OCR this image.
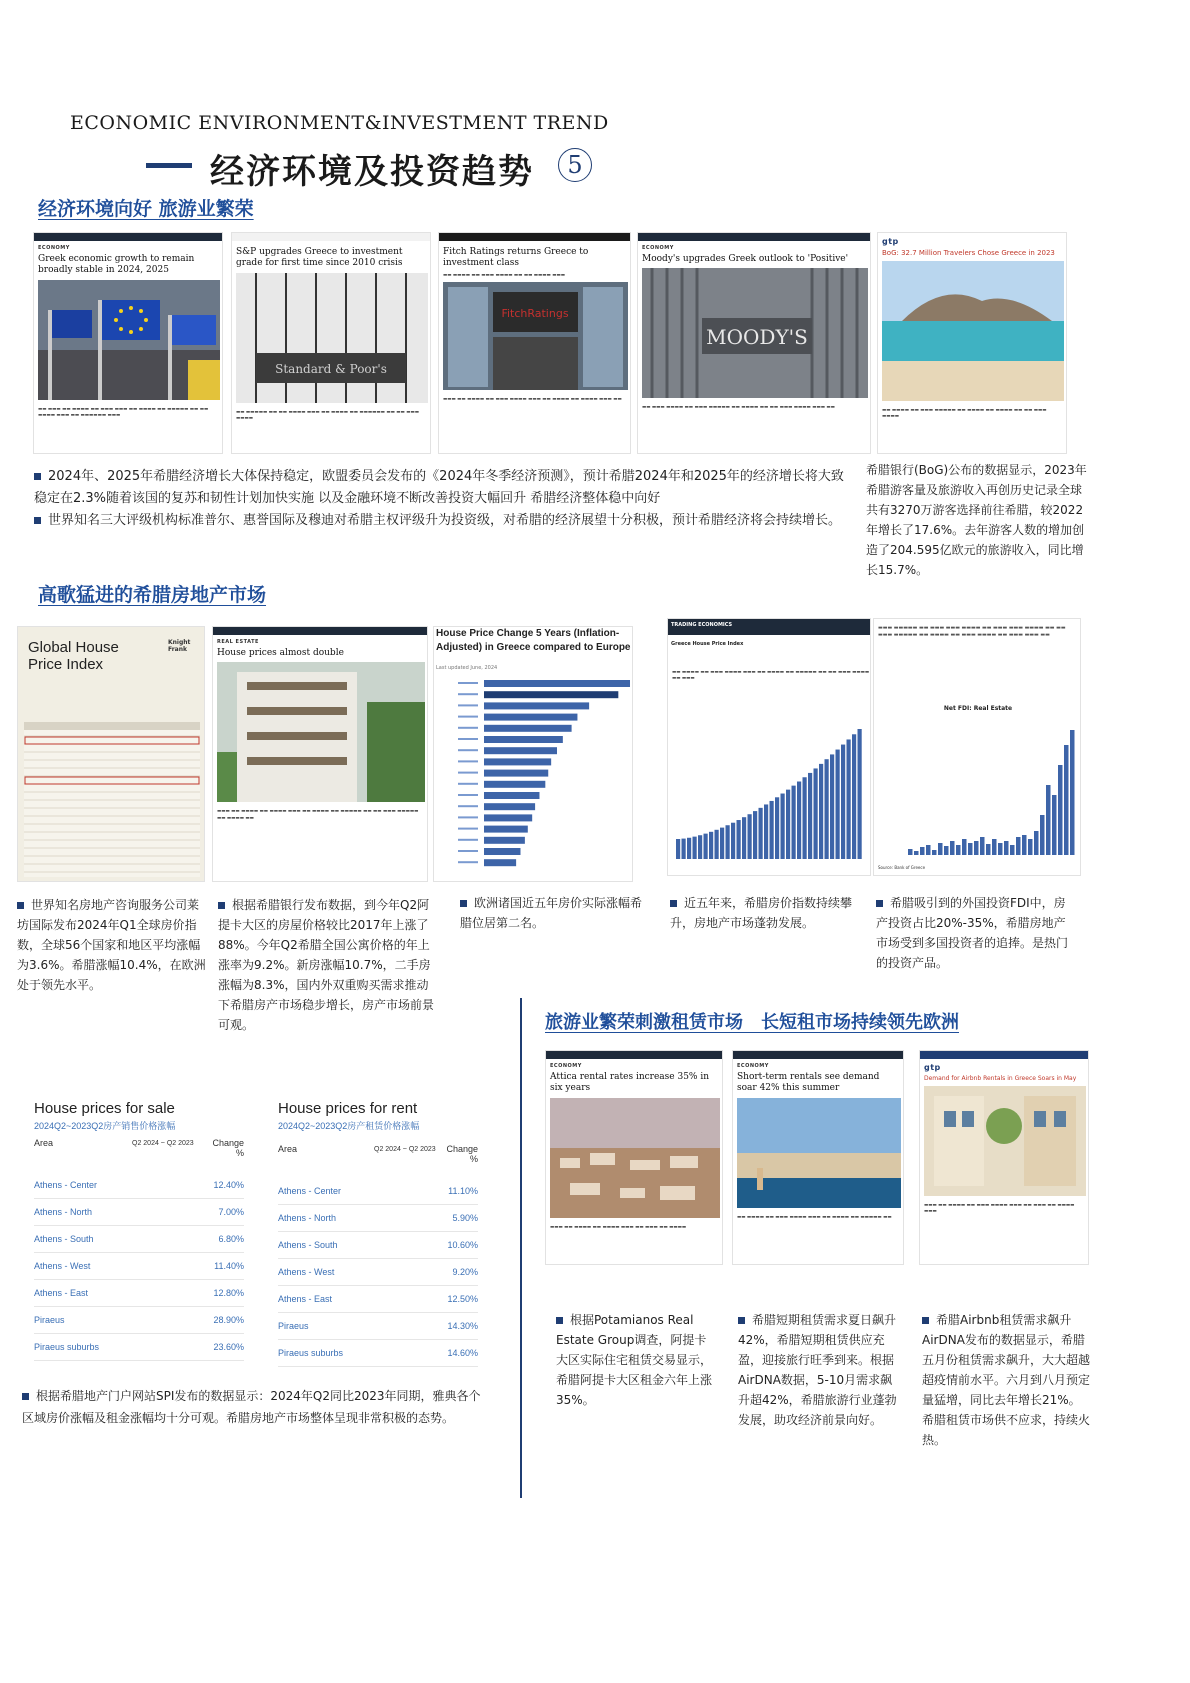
ECONOMIC ENVIRONMENT&INVESTMENT TREND
经济环境及投资趋势	5
经济环境向好 旅游业繁荣
ECONOMY
Greek economic growth to remain broadly stable in 2024, 2025
▬▬ ▬▬▬ ▬▬ ▬▬▬▬ ▬▬ ▬▬▬ ▬▬▬ ▬▬ ▬▬▬▬ ▬▬ ▬▬▬▬▬ ▬▬ ▬▬ ▬▬▬▬ ▬▬▬ ▬▬ ▬▬▬▬▬▬ ▬▬▬
S&P upgrades Greece to investment grade for first time since 2010 crisis
Standard & Poor's
▬▬ ▬▬▬▬▬ ▬▬ ▬▬ ▬▬▬▬ ▬▬▬ ▬▬ ▬▬▬▬ ▬▬ ▬▬▬▬▬▬ ▬▬ ▬▬ ▬▬▬ ▬▬▬▬
Fitch Ratings returns Greece to investment class
▬▬ ▬▬▬▬ ▬▬ ▬▬▬ ▬▬▬▬ ▬▬ ▬▬ ▬▬▬▬ ▬▬▬
FitchRatings
▬▬▬ ▬▬ ▬▬▬▬ ▬▬ ▬▬▬ ▬▬▬▬ ▬▬▬ ▬▬ ▬▬▬▬ ▬▬ ▬▬▬▬ ▬▬▬ ▬▬
ECONOMY
Moody's upgrades Greek outlook to 'Positive'
MOODY'S
▬▬ ▬▬▬ ▬▬▬▬ ▬▬ ▬▬▬ ▬▬▬▬▬ ▬▬ ▬▬▬▬ ▬▬ ▬▬ ▬▬▬ ▬▬▬▬ ▬▬▬ ▬▬
gtp
BoG: 32.7 Million Travelers Chose Greece in 2023
▬▬ ▬▬▬▬ ▬▬ ▬▬▬ ▬▬▬▬▬ ▬▬ ▬▬▬▬ ▬▬ ▬▬▬▬ ▬▬ ▬▬ ▬▬▬ ▬▬▬▬
2024年、2025年希腊经济增长大体保持稳定，欧盟委员会发布的《2024年冬季经济预测》，预计希腊2024年和2025年的经济增长将大致稳定在2.3%随着该国的复苏和韧性计划加快实施 以及金融环境不断改善投资大幅回升 希腊经济整体稳中向好
世界知名三大评级机构标准普尔、惠誉国际及穆迪对希腊主权评级升为投资级，对希腊的经济展望十分积极，预计希腊经济将会持续增长。
希腊银行(BoG)公布的数据显示，2023年希腊游客量及旅游收入再创历史记录全球共有3270万游客选择前往希腊，较2022年增长了17.6%。去年游客人数的增加创造了204.595亿欧元的旅游收入，同比增长15.7%。
高歌猛进的希腊房地产市场
Global House Price Index
Knight Frank
REAL ESTATE
House prices almost double
▬▬▬ ▬▬ ▬▬▬▬ ▬▬ ▬▬▬▬ ▬▬▬ ▬▬ ▬▬▬▬ ▬▬ ▬▬▬▬▬ ▬▬ ▬▬ ▬▬▬ ▬▬▬▬▬ ▬▬ ▬▬▬▬ ▬▬
House Price Change 5 Years (Inflation-Adjusted) in Greece compared to Europe
Last updated June, 2024
TRADING ECONOMICS
Greece House Price Index
▬▬ ▬▬▬▬ ▬▬ ▬▬▬ ▬▬▬▬ ▬▬▬ ▬▬ ▬▬▬▬ ▬▬ ▬▬▬▬▬ ▬▬ ▬▬ ▬▬▬ ▬▬▬▬ ▬▬ ▬▬▬
▬▬▬ ▬▬▬▬▬ ▬▬ ▬▬▬ ▬▬▬ ▬▬▬▬ ▬▬ ▬▬▬ ▬▬▬ ▬▬▬▬ ▬▬ ▬▬ ▬▬▬ ▬▬▬▬▬ ▬▬ ▬▬▬▬ ▬▬ ▬▬▬ ▬▬▬▬ ▬▬ ▬▬▬ ▬▬▬ ▬▬
Net FDI: Real Estate
Source: Bank of Greece
世界知名房地产咨询服务公司莱坊国际发布2024年Q1全球房价指数，全球56个国家和地区平均涨幅为3.6%。希腊涨幅10.4%，在欧洲处于领先水平。
根据希腊银行发布数据，到今年Q2阿提卡大区的房屋价格较比2017年上涨了88%。今年Q2希腊全国公寓价格的年上涨率为9.2%。新房涨幅10.7%，二手房涨幅为8.3%，国内外双重购买需求推动下希腊房产市场稳步增长，房产市场前景可观。
欧洲诸国近五年房价实际涨幅希腊位居第二名。
近五年来，希腊房价指数持续攀升，房地产市场蓬勃发展。
希腊吸引到的外国投资FDI中，房产投资占比20%-35%，希腊房地产市场受到多国投资者的追捧。是热门的投资产品。
House prices for sale
2024Q2~2023Q2房产销售价格涨幅
Area	Q2 2024 ~ Q2 2023	Change %
Athens - Center	12.40%
Athens - North	7.00%
Athens - South	6.80%
Athens - West	11.40%
Athens - East	12.80%
Piraeus	28.90%
Piraeus suburbs	23.60%
House prices for rent
2024Q2~2023Q2房产租赁价格涨幅
Area	Q2 2024 ~ Q2 2023	Change %
Athens - Center	11.10%
Athens - North	5.90%
Athens - South	10.60%
Athens - West	9.20%
Athens - East	12.50%
Piraeus	14.30%
Piraeus suburbs	14.60%
根据希腊地产门户网站SPI发布的数据显示：2024年Q2同比2023年同期，雅典各个区域房价涨幅及租金涨幅均十分可观。希腊房地产市场整体呈现非常积极的态势。
旅游业繁荣刺激租赁市场　长短租市场持续领先欧洲
ECONOMY
Attica rental rates increase 35% in six years
▬▬▬ ▬▬ ▬▬▬▬ ▬▬ ▬▬▬▬ ▬▬▬ ▬▬ ▬▬▬ ▬▬ ▬▬▬▬
ECONOMY
Short-term rentals see demand soar 42% this summer
▬▬ ▬▬▬▬ ▬▬ ▬▬▬ ▬▬▬▬ ▬▬▬ ▬▬ ▬▬▬▬ ▬▬ ▬▬▬▬▬ ▬▬
gtp
Demand for Airbnb Rentals in Greece Soars in May
▬▬▬ ▬▬ ▬▬▬▬ ▬▬ ▬▬▬ ▬▬▬▬ ▬▬▬ ▬▬ ▬▬▬ ▬▬ ▬▬▬▬ ▬▬▬
根据Potamianos Real Estate Group调查，阿提卡大区实际住宅租赁交易显示，希腊阿提卡大区租金六年上涨35%。
希腊短期租赁需求夏日飙升42%，希腊短期租赁供应充盈，迎接旅行旺季到来。根据AirDNA数据，5-10月需求飙升超42%，希腊旅游行业蓬勃发展，助攻经济前景向好。
希腊Airbnb租赁需求飙升AirDNA发布的数据显示，希腊五月份租赁需求飙升，大大超越超疫情前水平。六月到八月预定量猛增，同比去年增长21%。希腊租赁市场供不应求，持续火热。
